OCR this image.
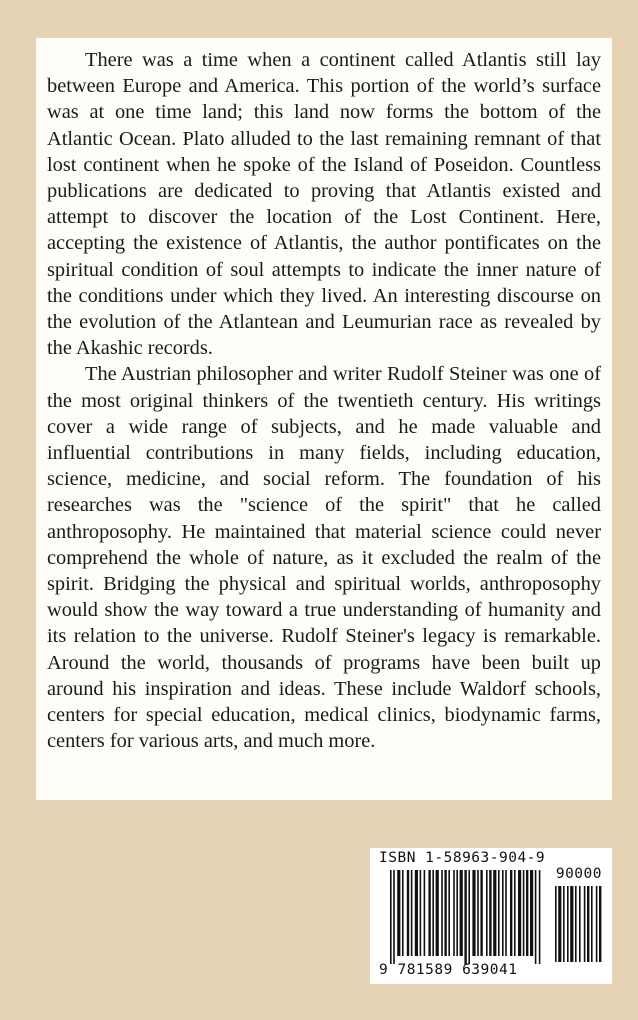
There was a time when a continent called Atlantis still lay between Europe and America. This portion of the world’s surface was at one time land; this land now forms the bottom of the Atlantic Ocean. Plato alluded to the last remaining remnant of that lost continent when he spoke of the Island of Poseidon. Countless publications are dedicated to proving that Atlantis existed and attempt to discover the location of the Lost Continent. Here, accepting the existence of Atlantis, the author pontificates on the spiritual condition of soul attempts to indicate the inner nature of the conditions under which they lived. An interesting discourse on the evolution of the Atlantean and Leumurian race as revealed by the Akashic records.

The Austrian philosopher and writer Rudolf Steiner was one of the most original thinkers of the twentieth century. His writings cover a wide range of subjects, and he made valuable and influential contributions in many fields, including education, science, medicine, and social reform. The foundation of his researches was the "science of the spirit" that he called anthroposophy. He maintained that material science could never comprehend the whole of nature, as it excluded the realm of the spirit. Bridging the physical and spiritual worlds, anthroposophy would show the way toward a true understanding of humanity and its relation to the universe. Rudolf Steiner's legacy is remarkable. Around the world, thousands of programs have been built up around his inspiration and ideas. These include Waldorf schools, centers for special education, medical clinics, biodynamic farms, centers for various arts, and much more.

ISBN 1-58963-904-9
90000
9 781589 639041
